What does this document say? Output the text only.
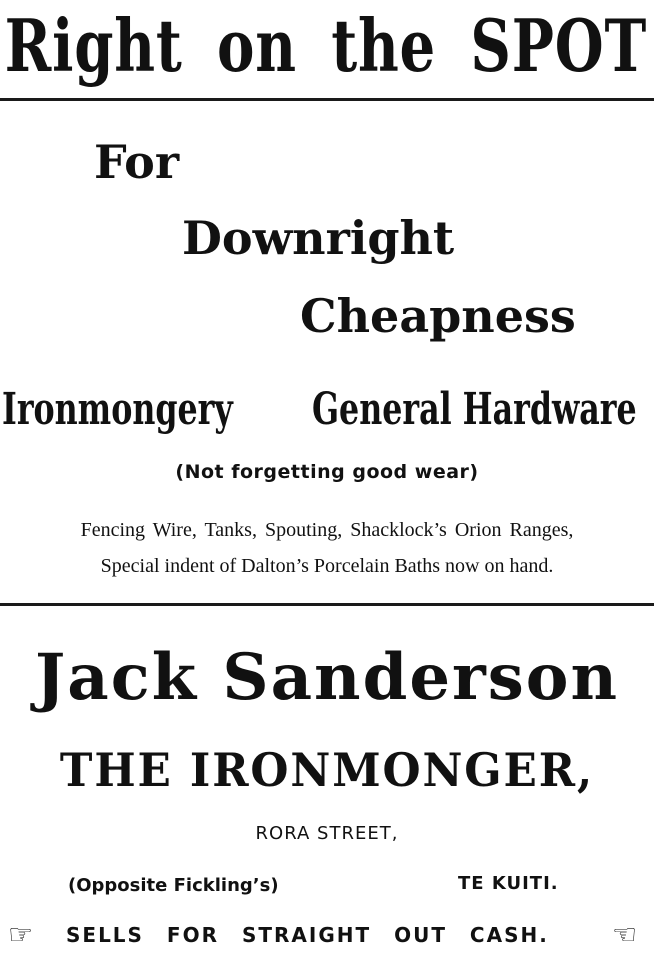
Right on the SPOT
For
Downright
Cheapness
Ironmongery General Hardware
(Not forgetting good wear)
Fencing Wire, Tanks, Spouting, Shacklock’s Orion Ranges,
Special indent of Dalton’s Porcelain Baths now on hand.
Jack Sanderson
THE IRONMONGER,
RORA STREET,
(Opposite Fickling’s)	TE KUITI.
☞ SELLS FOR STRAIGHT OUT CASH. ☜
